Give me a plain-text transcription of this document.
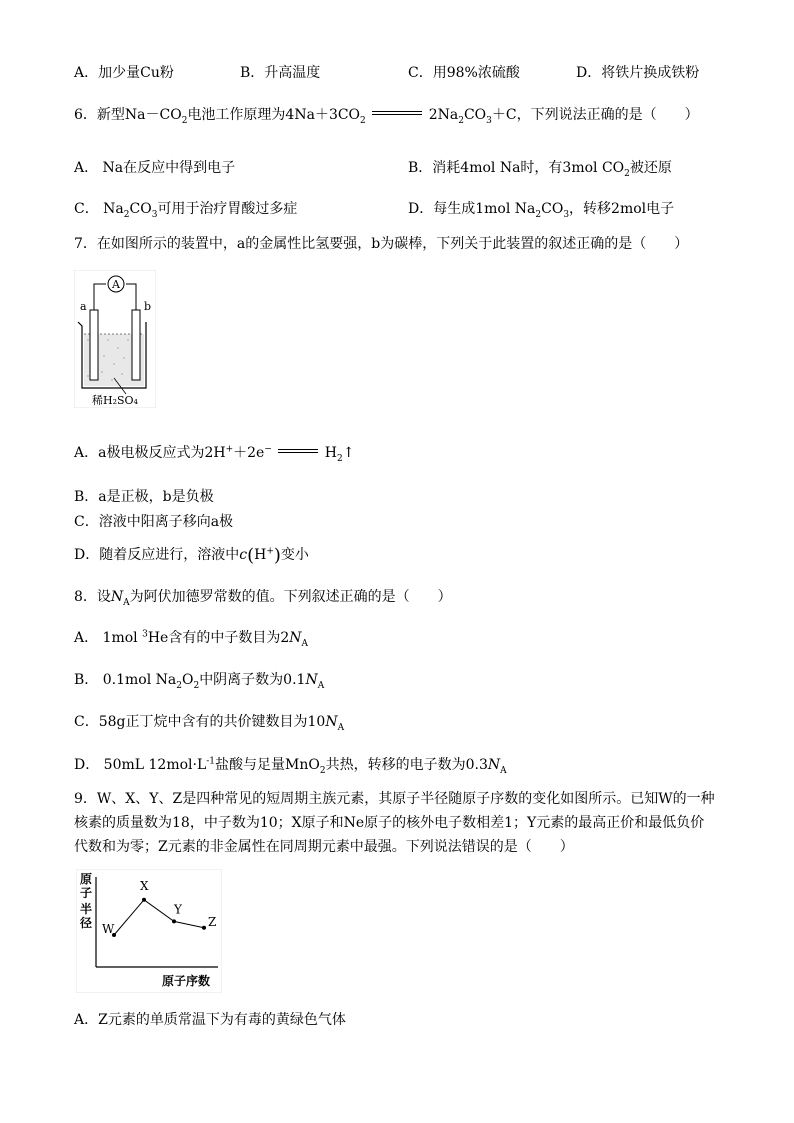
A．加少量Cu粉	B．升高温度	C．用98%浓硫酸	D．将铁片换成铁粉
6．新型$Na-CO_2$电池工作原理为$4Na+3CO_2$	$2Na_2CO_3+C$，下列说法正确的是（　　）
A． Na在反应中得到电子	B．消耗4mol Na时，有3mol $CO_2$被还原
C． $Na_2CO_3$可用于治疗胃酸过多症	D．每生成1mol $Na_2CO_3$，转移2mol电子
7．在如图所示的装置中，a的金属性比氢要强，b为碳棒，下列关于此装置的叙述正确的是（　　）
A
a	b
稀H₂SO₄
A．a极电极反应式为2H+＋2e−	$H_2↑$
B．a是正极，b是负极
C．溶液中阳离子移向a极
D．随着反应进行，溶液中c(H+)变小
8．设$N_A$为阿伏加德罗常数的值。下列叙述正确的是（　　）
A． 1mol $^3$He含有的中子数目为$2N_A$
B． 0.1mol $Na_2O_2$中阴离子数为$0.1N_A$
C．58g正丁烷中含有的共价键数目为$10N_A$
D． 50mL $12mol\cdot L^{-1}$盐酸与足量MnO$_2$共热，转移的电子数为$0.3N_A$
9．W、X、Y、Z是四种常见的短周期主族元素，其原子半径随原子序数的变化如图所示。已知W的一种
核素的质量数为18，中子数为10；X原子和Ne原子的核外电子数相差1；Y元素的最高正价和最低负价
代数和为零；Z元素的非金属性在同周期元素中最强。下列说法错误的是（　　）
原
子
半
径
原子序数
W
X
Y
Z
A．Z元素的单质常温下为有毒的黄绿色气体
